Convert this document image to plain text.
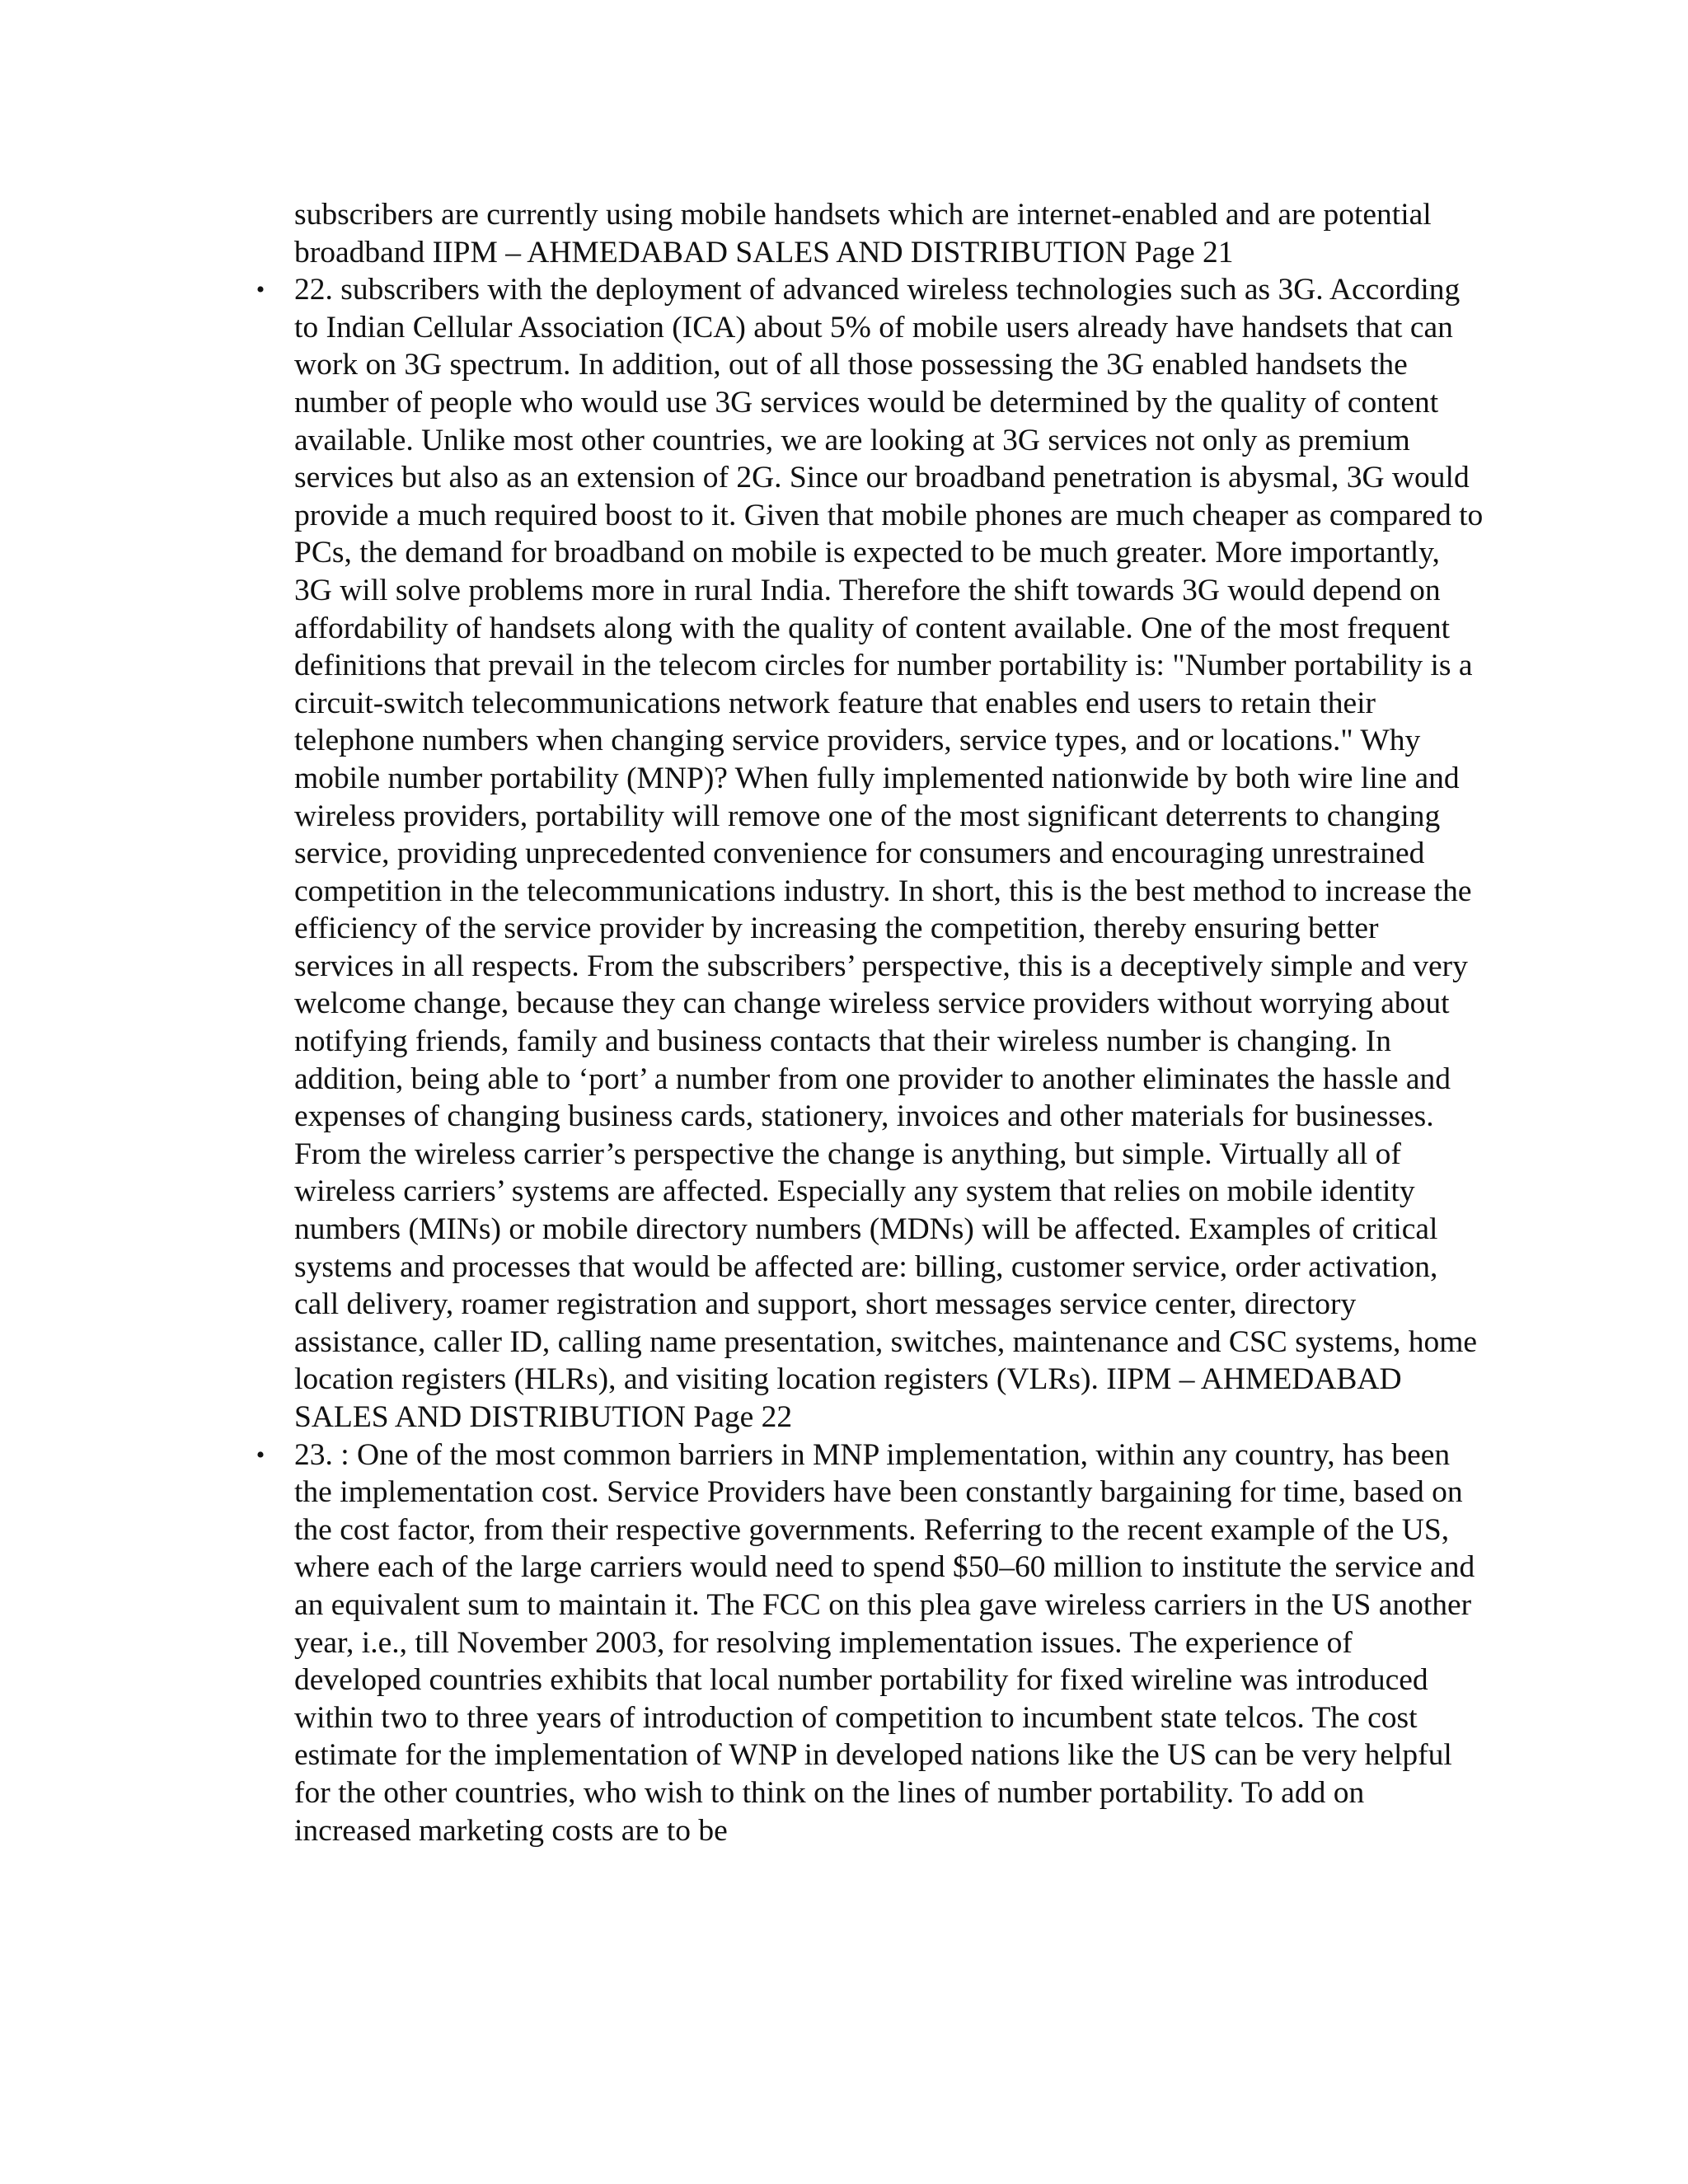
subscribers are currently using mobile handsets which are internet-enabled and are potential broadband IIPM – AHMEDABAD SALES AND DISTRIBUTION Page 21

• 22. subscribers with the deployment of advanced wireless technologies such as 3G. According to Indian Cellular Association (ICA) about 5% of mobile users already have handsets that can work on 3G spectrum. In addition, out of all those possessing the 3G enabled handsets the number of people who would use 3G services would be determined by the quality of content available. Unlike most other countries, we are looking at 3G services not only as premium services but also as an extension of 2G. Since our broadband penetration is abysmal, 3G would provide a much required boost to it. Given that mobile phones are much cheaper as compared to PCs, the demand for broadband on mobile is expected to be much greater. More importantly, 3G will solve problems more in rural India. Therefore the shift towards 3G would depend on affordability of handsets along with the quality of content available. One of the most frequent definitions that prevail in the telecom circles for number portability is: "Number portability is a circuit-switch telecommunications network feature that enables end users to retain their telephone numbers when changing service providers, service types, and or locations." Why mobile number portability (MNP)? When fully implemented nationwide by both wire line and wireless providers, portability will remove one of the most significant deterrents to changing service, providing unprecedented convenience for consumers and encouraging unrestrained competition in the telecommunications industry. In short, this is the best method to increase the efficiency of the service provider by increasing the competition, thereby ensuring better services in all respects. From the subscribers’ perspective, this is a deceptively simple and very welcome change, because they can change wireless service providers without worrying about notifying friends, family and business contacts that their wireless number is changing. In addition, being able to ‘port’ a number from one provider to another eliminates the hassle and expenses of changing business cards, stationery, invoices and other materials for businesses. From the wireless carrier’s perspective the change is anything, but simple. Virtually all of wireless carriers’ systems are affected. Especially any system that relies on mobile identity numbers (MINs) or mobile directory numbers (MDNs) will be affected. Examples of critical systems and processes that would be affected are: billing, customer service, order activation, call delivery, roamer registration and support, short messages service center, directory assistance, caller ID, calling name presentation, switches, maintenance and CSC systems, home location registers (HLRs), and visiting location registers (VLRs). IIPM – AHMEDABAD SALES AND DISTRIBUTION Page 22

• 23. : One of the most common barriers in MNP implementation, within any country, has been the implementation cost. Service Providers have been constantly bargaining for time, based on the cost factor, from their respective governments. Referring to the recent example of the US, where each of the large carriers would need to spend $50–60 million to institute the service and an equivalent sum to maintain it. The FCC on this plea gave wireless carriers in the US another year, i.e., till November 2003, for resolving implementation issues. The experience of developed countries exhibits that local number portability for fixed wireline was introduced within two to three years of introduction of competition to incumbent state telcos. The cost estimate for the implementation of WNP in developed nations like the US can be very helpful for the other countries, who wish to think on the lines of number portability. To add on increased marketing costs are to be
